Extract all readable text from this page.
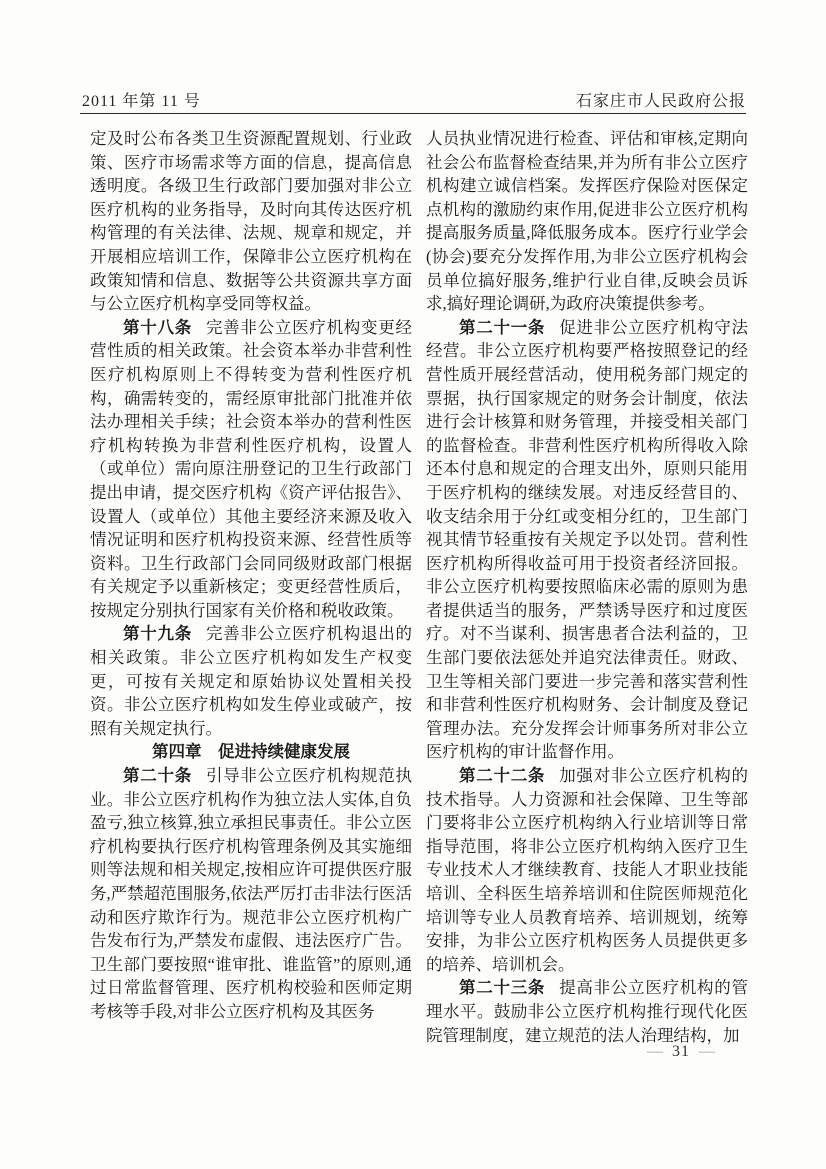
2011 年第 11 号	石家庄市人民政府公报

定及时公布各类卫生资源配置规划、行业政策、医疗市场需求等方面的信息，提高信息透明度。各级卫生行政部门要加强对非公立医疗机构的业务指导，及时向其传达医疗机构管理的有关法律、法规、规章和规定，并开展相应培训工作，保障非公立医疗机构在政策知情和信息、数据等公共资源共享方面与公立医疗机构享受同等权益。

第十八条 完善非公立医疗机构变更经营性质的相关政策。社会资本举办非营利性医疗机构原则上不得转变为营利性医疗机构，确需转变的，需经原审批部门批准并依法办理相关手续；社会资本举办的营利性医疗机构转换为非营利性医疗机构，设置人（或单位）需向原注册登记的卫生行政部门提出申请，提交医疗机构《资产评估报告》、设置人（或单位）其他主要经济来源及收入情况证明和医疗机构投资来源、经营性质等资料。卫生行政部门会同同级财政部门根据有关规定予以重新核定；变更经营性质后，按规定分别执行国家有关价格和税收政策。

第十九条 完善非公立医疗机构退出的相关政策。非公立医疗机构如发生产权变更，可按有关规定和原始协议处置相关投资。非公立医疗机构如发生停业或破产，按照有关规定执行。

第四章　促进持续健康发展

第二十条 引导非公立医疗机构规范执业。非公立医疗机构作为独立法人实体,自负盈亏,独立核算,独立承担民事责任。非公立医疗机构要执行医疗机构管理条例及其实施细则等法规和相关规定,按相应许可提供医疗服务,严禁超范围服务,依法严厉打击非法行医活动和医疗欺诈行为。规范非公立医疗机构广告发布行为,严禁发布虚假、违法医疗广告。卫生部门要按照“谁审批、谁监管”的原则,通过日常监督管理、医疗机构校验和医师定期考核等手段,对非公立医疗机构及其医务

人员执业情况进行检查、评估和审核,定期向社会公布监督检查结果,并为所有非公立医疗机构建立诚信档案。发挥医疗保险对医保定点机构的激励约束作用,促进非公立医疗机构提高服务质量,降低服务成本。医疗行业学会(协会)要充分发挥作用,为非公立医疗机构会员单位搞好服务,维护行业自律,反映会员诉求,搞好理论调研,为政府决策提供参考。

第二十一条 促进非公立医疗机构守法经营。非公立医疗机构要严格按照登记的经营性质开展经营活动，使用税务部门规定的票据，执行国家规定的财务会计制度，依法进行会计核算和财务管理，并接受相关部门的监督检查。非营利性医疗机构所得收入除还本付息和规定的合理支出外，原则只能用于医疗机构的继续发展。对违反经营目的、收支结余用于分红或变相分红的，卫生部门视其情节轻重按有关规定予以处罚。营利性医疗机构所得收益可用于投资者经济回报。非公立医疗机构要按照临床必需的原则为患者提供适当的服务，严禁诱导医疗和过度医疗。对不当谋利、损害患者合法利益的，卫生部门要依法惩处并追究法律责任。财政、卫生等相关部门要进一步完善和落实营利性和非营利性医疗机构财务、会计制度及登记管理办法。充分发挥会计师事务所对非公立医疗机构的审计监督作用。

第二十二条 加强对非公立医疗机构的技术指导。人力资源和社会保障、卫生等部门要将非公立医疗机构纳入行业培训等日常指导范围，将非公立医疗机构纳入医疗卫生专业技术人才继续教育、技能人才职业技能培训、全科医生培养培训和住院医师规范化培训等专业人员教育培养、培训规划，统筹安排，为非公立医疗机构医务人员提供更多的培养、培训机会。

第二十三条 提高非公立医疗机构的管理水平。鼓励非公立医疗机构推行现代化医院管理制度，建立规范的法人治理结构，加

— 31 —
